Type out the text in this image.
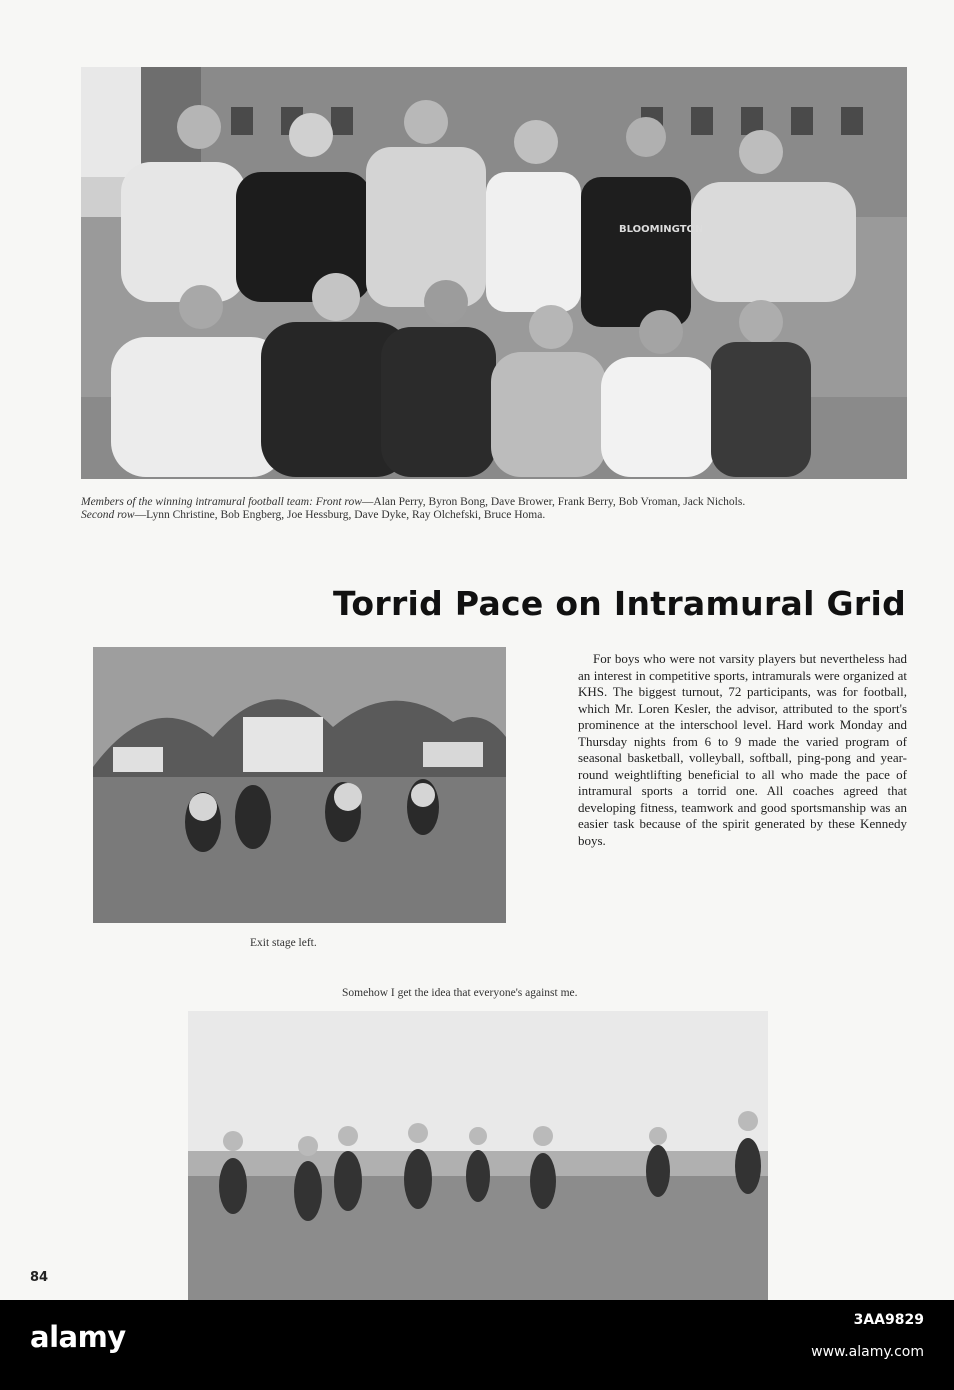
BLOOMINGTON
Members of the winning intramural football team: Front row—Alan Perry, Byron Bong, Dave Brower, Frank Berry, Bob Vroman, Jack Nichols.
Second row—Lynn Christine, Bob Engberg, Joe Hessburg, Dave Dyke, Ray Olchefski, Bruce Homa.
Torrid Pace on Intramural Grid
For boys who were not varsity players but nevertheless had an interest in competitive sports, intramurals were organized at KHS. The biggest turnout, 72 participants, was for football, which Mr. Loren Kesler, the advisor, attributed to the sport's prominence at the interschool level. Hard work Monday and Thursday nights from 6 to 9 made the varied program of seasonal basketball, volleyball, softball, ping-pong and year-round weightlifting beneficial to all who made the pace of intramural sports a torrid one. All coaches agreed that developing fitness, teamwork and good sportsmanship was an easier task because of the spirit generated by these Kennedy boys.
Exit stage left.
Somehow I get the idea that everyone's against me.
84
alamy	3AA9829
www.alamy.com
